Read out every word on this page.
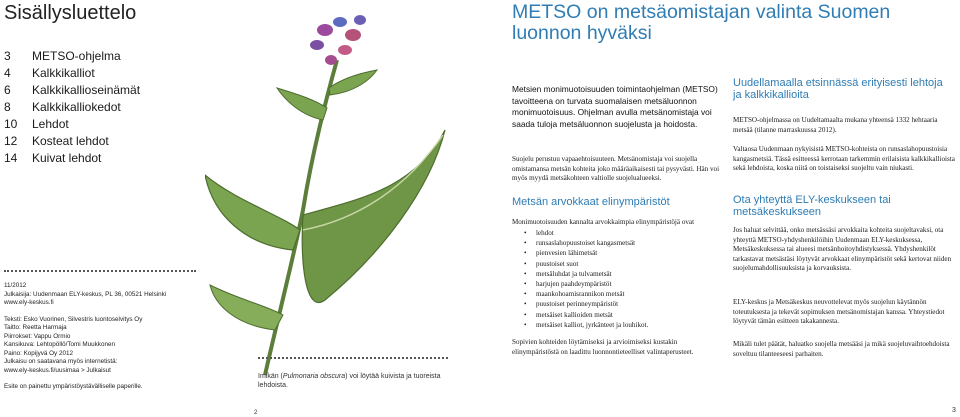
Sisällysluettelo
3	METSO-ohjelma
4	Kalkkikalliot
6	Kalkkikallioseinämät
8	Kalkkikalliokedot
10	Lehdot
12	Kosteat lehdot
14	Kuivat lehdot

11/2012

Julkaisija: Uudenmaan ELY-keskus, PL 36, 00521 Helsinki

www.ely-keskus.fi

Teksti: Esko Vuorinen, Silvestris luontoselvitys Oy

Taitto: Reetta Harmaja

Piirrokset: Vappu Ormio

Kansikuva: Lehtopöllö/Tomi Muukkonen

Paino: Kopijyvä Oy 2012

Julkaisu on saatavana myös internetistä:

www.ely-keskus.fi/uusimaa > Julkaisut

Esite on painettu ympäristöystävälliselle paperille.

Imikän (Pulmonaria obscura) voi löytää kuivista ja tuoreista lehdoista.
2
METSO on metsäomistajan valinta Suomen luonnon hyväksi
Metsien monimuotoisuuden toimintaohjelman (METSO) tavoitteena on turvata suomalaisen metsäluonnon monimuotoisuus. Ohjelman avulla metsänomistaja voi saada tuloja metsäluonnon suojelusta ja hoidosta.
Suojelu perustuu vapaaehtoisuuteen. Metsänomistaja voi suojella omistamansa metsän kohteita joko määräaikaisesti tai pysyvästi. Hän voi myös myydä metsäkohteen valtiolle suojelualueeksi.
Metsän arvokkaat elinympäristöt
Monimuotoisuuden kannalta arvokkaimpia elinympäristöjä ovat
• lehdot
• runsaslahopuustoiset kangasmetsät
• pienvesien lähimetsät
• puustoiset suot
• metsäluhdat ja tulvametsät
• harjujen paahdeympäristöt
• maankohoamisrannikon metsät
• puustoiset perinneympäristöt
• metsäiset kallioiden metsät
• metsäiset kalliot, jyrkänteet ja louhikot.
Sopivien kohteiden löytämiseksi ja arvioimiseksi kustakin elinympäristöstä on laadittu luonnontieteelliset valintaperusteet.
Uudellamaalla etsinnässä erityisesti lehtoja ja kalkkikallioita
METSO-ohjelmassa on Uudeltamaalta mukana yhteensä 1332 hehtaaria metsää (tilanne marraskuussa 2012).
Valtaosa Uudenmaan nykyisistä METSO-kohteista on runsaslahopuustoisia kangasmetsiä. Tässä esitteessä kerrotaan tarkemmin erilaisista kalkkikallioista sekä lehdoista, koska niitä on toistaiseksi suojeltu vain niukasti.
Ota yhteyttä ELY-keskukseen tai metsäkeskukseen
Jos haluat selvittää, onko metsässäsi arvokkaita kohteita suojeltavaksi, ota yhteyttä METSO-yhdyshenkilöihin Uudenmaan ELY-keskuksessa, Metsäkeskuksessa tai alueesi metsänhoitoyhdistyksessä. Yhdyshenkilöt tarkastavat metsästäsi löytyvät arvokkaat elinympäristöt sekä kertovat niiden suojelumahdollisuuksista ja korvauksista.
ELY-keskus ja Metsäkeskus neuvottelevat myös suojelun käytännön toteutuksesta ja tekevät sopimuksen metsänomistajan kanssa. Yhteystiedot löytyvät tämän esitteen takakannesta.
Mikäli tulet päätät, haluatko suojella metsääsi ja mikä suojeluvaihtoehdoista soveltuu tilanteeseesi parhaiten.
3
